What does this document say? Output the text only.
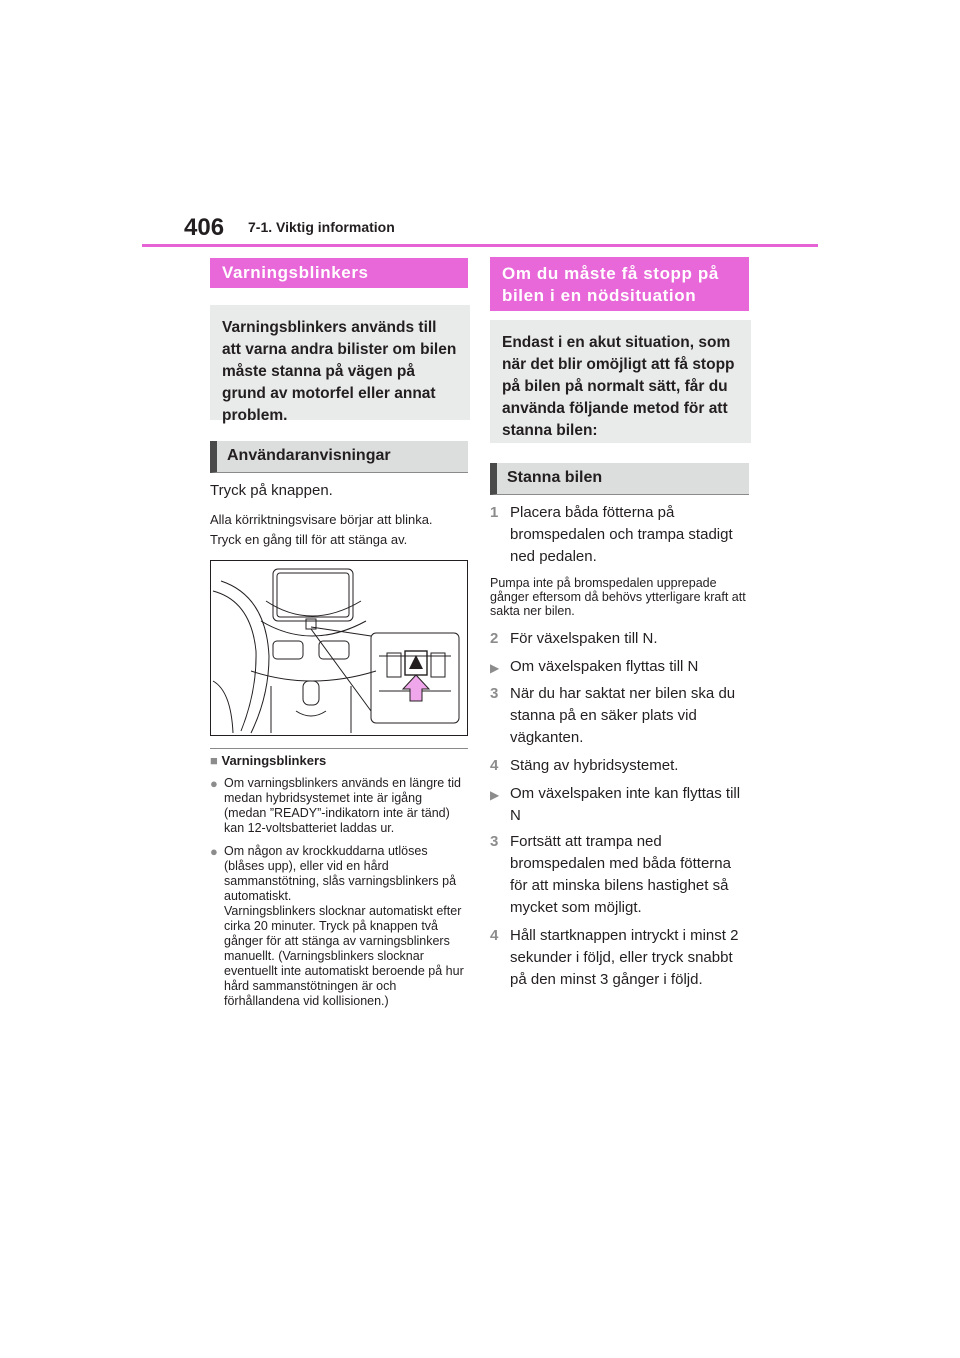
406 7-1. Viktig information
Varningsblinkers
Varningsblinkers används till att varna andra bilister om bilen måste stanna på vägen på grund av motorfel eller annat problem.
Användaranvisningar
Tryck på knappen.
Alla körriktningsvisare börjar att blinka.
Tryck en gång till för att stänga av.
■ Varningsblinkers
● Om varningsblinkers används en längre tid medan hybridsystemet inte är igång (medan ”READY”-indikatorn inte är tänd) kan 12-voltsbatteriet laddas ur.
● Om någon av krockkuddarna utlöses (blåses upp), eller vid en hård sammanstötning, slås varningsblinkers på automatiskt.
Varningsblinkers slocknar automatiskt efter cirka 20 minuter. Tryck på knappen två gånger för att stänga av varningsblinkers manuellt. (Varningsblinkers slocknar eventuellt inte automatiskt beroende på hur hård sammanstötningen är och förhållandena vid kollisionen.)
Om du måste få stopp på bilen i en nödsituation
Endast i en akut situation, som när det blir omöjligt att få stopp på bilen på normalt sätt, får du använda följande metod för att stanna bilen:
Stanna bilen
1 Placera båda fötterna på bromspedalen och trampa stadigt ned pedalen.
Pumpa inte på bromspedalen upprepade gånger eftersom då behövs ytterligare kraft att sakta ner bilen.
2 För växelspaken till N.
▶ Om växelspaken flyttas till N
3 När du har saktat ner bilen ska du stanna på en säker plats vid vägkanten.
4 Stäng av hybridsystemet.
▶ Om växelspaken inte kan flyttas till N
3 Fortsätt att trampa ned bromspedalen med båda fötterna för att minska bilens hastighet så mycket som möjligt.
4 Håll startknappen intryckt i minst 2 sekunder i följd, eller tryck snabbt på den minst 3 gånger i följd.
